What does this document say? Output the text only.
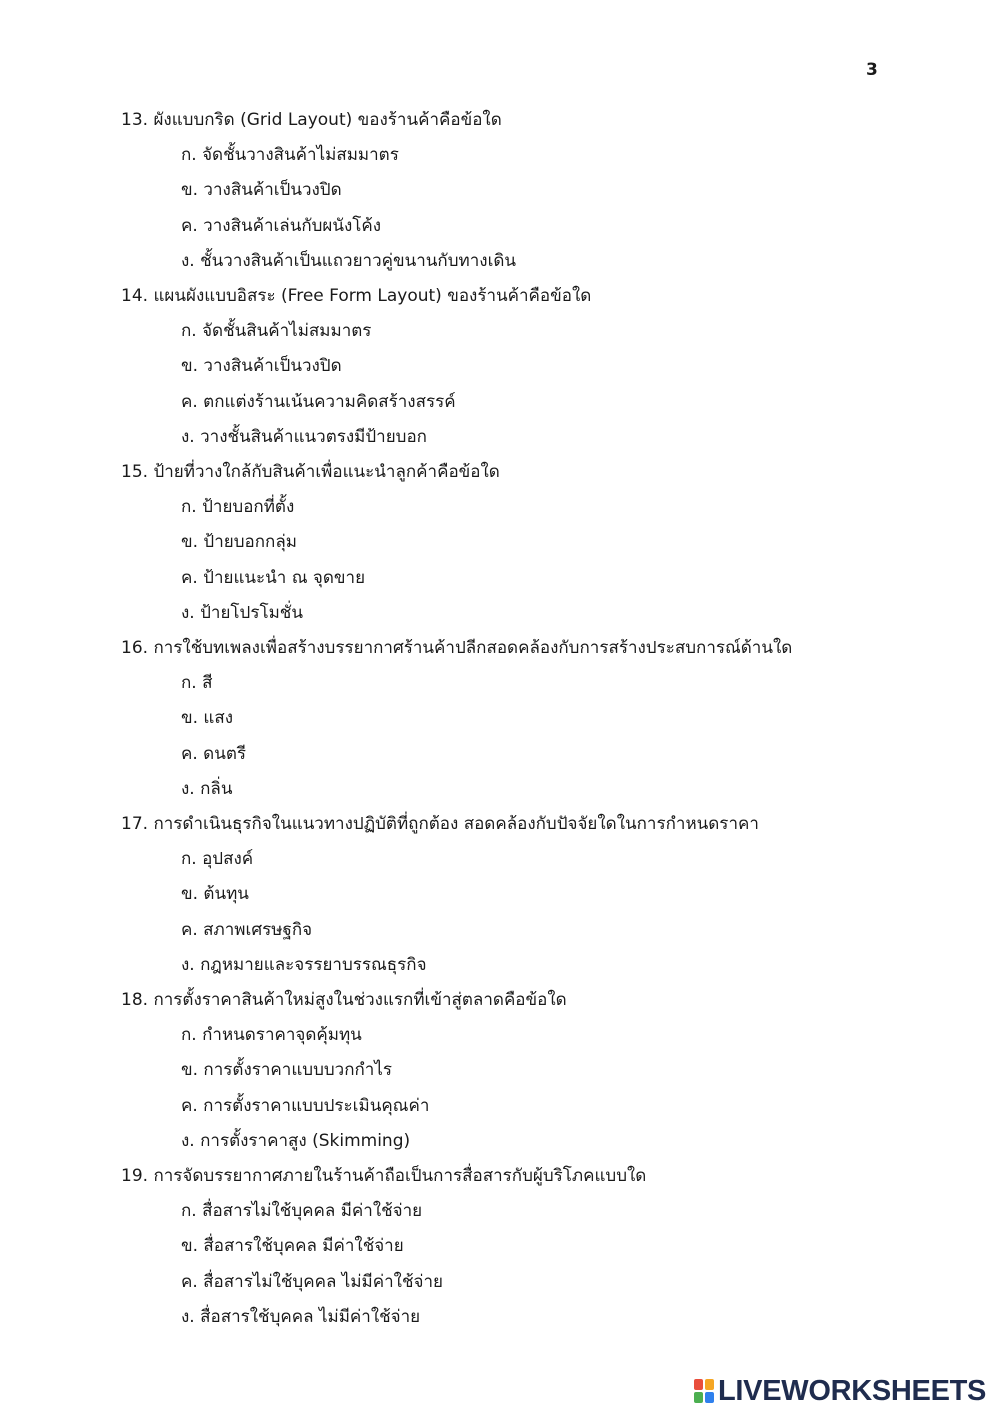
3
13. ผังแบบกริด (Grid Layout) ของร้านค้าคือข้อใด
ก. จัดชั้นวางสินค้าไม่สมมาตร
ข. วางสินค้าเป็นวงปิด
ค. วางสินค้าเล่นกับผนังโค้ง
ง. ชั้นวางสินค้าเป็นแถวยาวคู่ขนานกับทางเดิน
14. แผนผังแบบอิสระ (Free Form Layout) ของร้านค้าคือข้อใด
ก. จัดชั้นสินค้าไม่สมมาตร
ข. วางสินค้าเป็นวงปิด
ค. ตกแต่งร้านเน้นความคิดสร้างสรรค์
ง. วางชั้นสินค้าแนวตรงมีป้ายบอก
15. ป้ายที่วางใกล้กับสินค้าเพื่อแนะนำลูกค้าคือข้อใด
ก. ป้ายบอกที่ตั้ง
ข. ป้ายบอกกลุ่ม
ค. ป้ายแนะนำ ณ จุดขาย
ง. ป้ายโปรโมชั่น
16. การใช้บทเพลงเพื่อสร้างบรรยากาศร้านค้าปลีกสอดคล้องกับการสร้างประสบการณ์ด้านใด
ก. สี
ข. แสง
ค. ดนตรี
ง. กลิ่น
17. การดำเนินธุรกิจในแนวทางปฏิบัติที่ถูกต้อง สอดคล้องกับปัจจัยใดในการกำหนดราคา
ก. อุปสงค์
ข. ต้นทุน
ค. สภาพเศรษฐกิจ
ง. กฎหมายและจรรยาบรรณธุรกิจ
18. การตั้งราคาสินค้าใหม่สูงในช่วงแรกที่เข้าสู่ตลาดคือข้อใด
ก. กำหนดราคาจุดคุ้มทุน
ข. การตั้งราคาแบบบวกกำไร
ค. การตั้งราคาแบบประเมินคุณค่า
ง. การตั้งราคาสูง (Skimming)
19. การจัดบรรยากาศภายในร้านค้าถือเป็นการสื่อสารกับผู้บริโภคแบบใด
ก. สื่อสารไม่ใช้บุคคล มีค่าใช้จ่าย
ข. สื่อสารใช้บุคคล มีค่าใช้จ่าย
ค. สื่อสารไม่ใช้บุคคล ไม่มีค่าใช้จ่าย
ง. สื่อสารใช้บุคคล ไม่มีค่าใช้จ่าย
LIVEWORKSHEETS
